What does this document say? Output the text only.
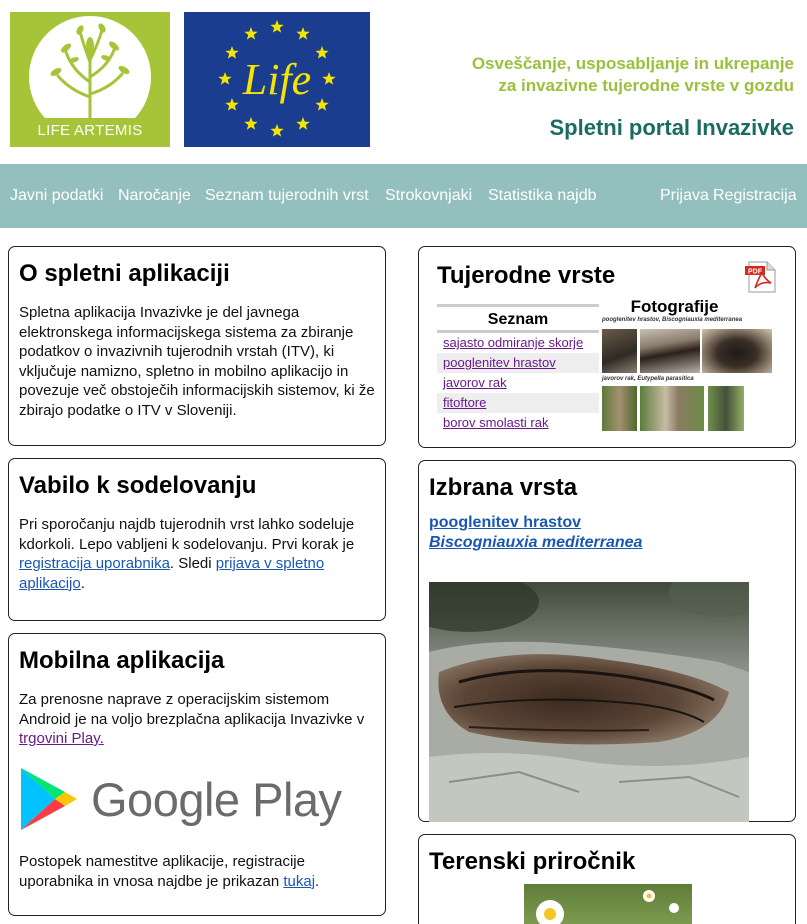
LIFE ARTEMIS
Life	Osveščanje, usposabljanje in ukrepanje
za invazivne tujerodne vrste v gozdu
Spletni portal Invazivke
Javni podatki Naročanje Seznam tujerodnih vrst Strokovnjaki Statistika najdb	Prijava Registracija
O spletni aplikaciji

Spletna aplikacija Invazivke je del javnega elektronskega informacijskega sistema za zbiranje podatkov o invazivnih tujerodnih vrstah (ITV), ki vključuje namizno, spletno in mobilno aplikacijo in povezuje več obstoječih informacijskih sistemov, ki že zbirajo podatke o ITV v Sloveniji.

Vabilo k sodelovanju

Pri sporočanju najdb tujerodnih vrst lahko sodeluje kdorkoli. Lepo vabljeni k sodelovanju. Prvi korak je registracija uporabnika. Sledi prijava v spletno aplikacijo.

Mobilna aplikacija

Za prenosne naprave z operacijskim sistemom Android je na voljo brezplačna aplikacija Invazivke v trgovini Play.

Google Play

Postopek namestitve aplikacije, registracije uporabnika in vnosa najdbe je prikazan tukaj.

Tujerodne vrste	PDF
Seznam
sajasto odmiranje skorje
pooglenitev hrastov
javorov rak
fitoftore
borov smolasti rak
Fotografije
pooglenitev hrastov, Biscogniauxia mediterranea
javorov rak, Eutypella parasitica
Izbrana vrsta
pooglenitev hrastov
Biscogniauxia mediterranea
Terenski priročnik
